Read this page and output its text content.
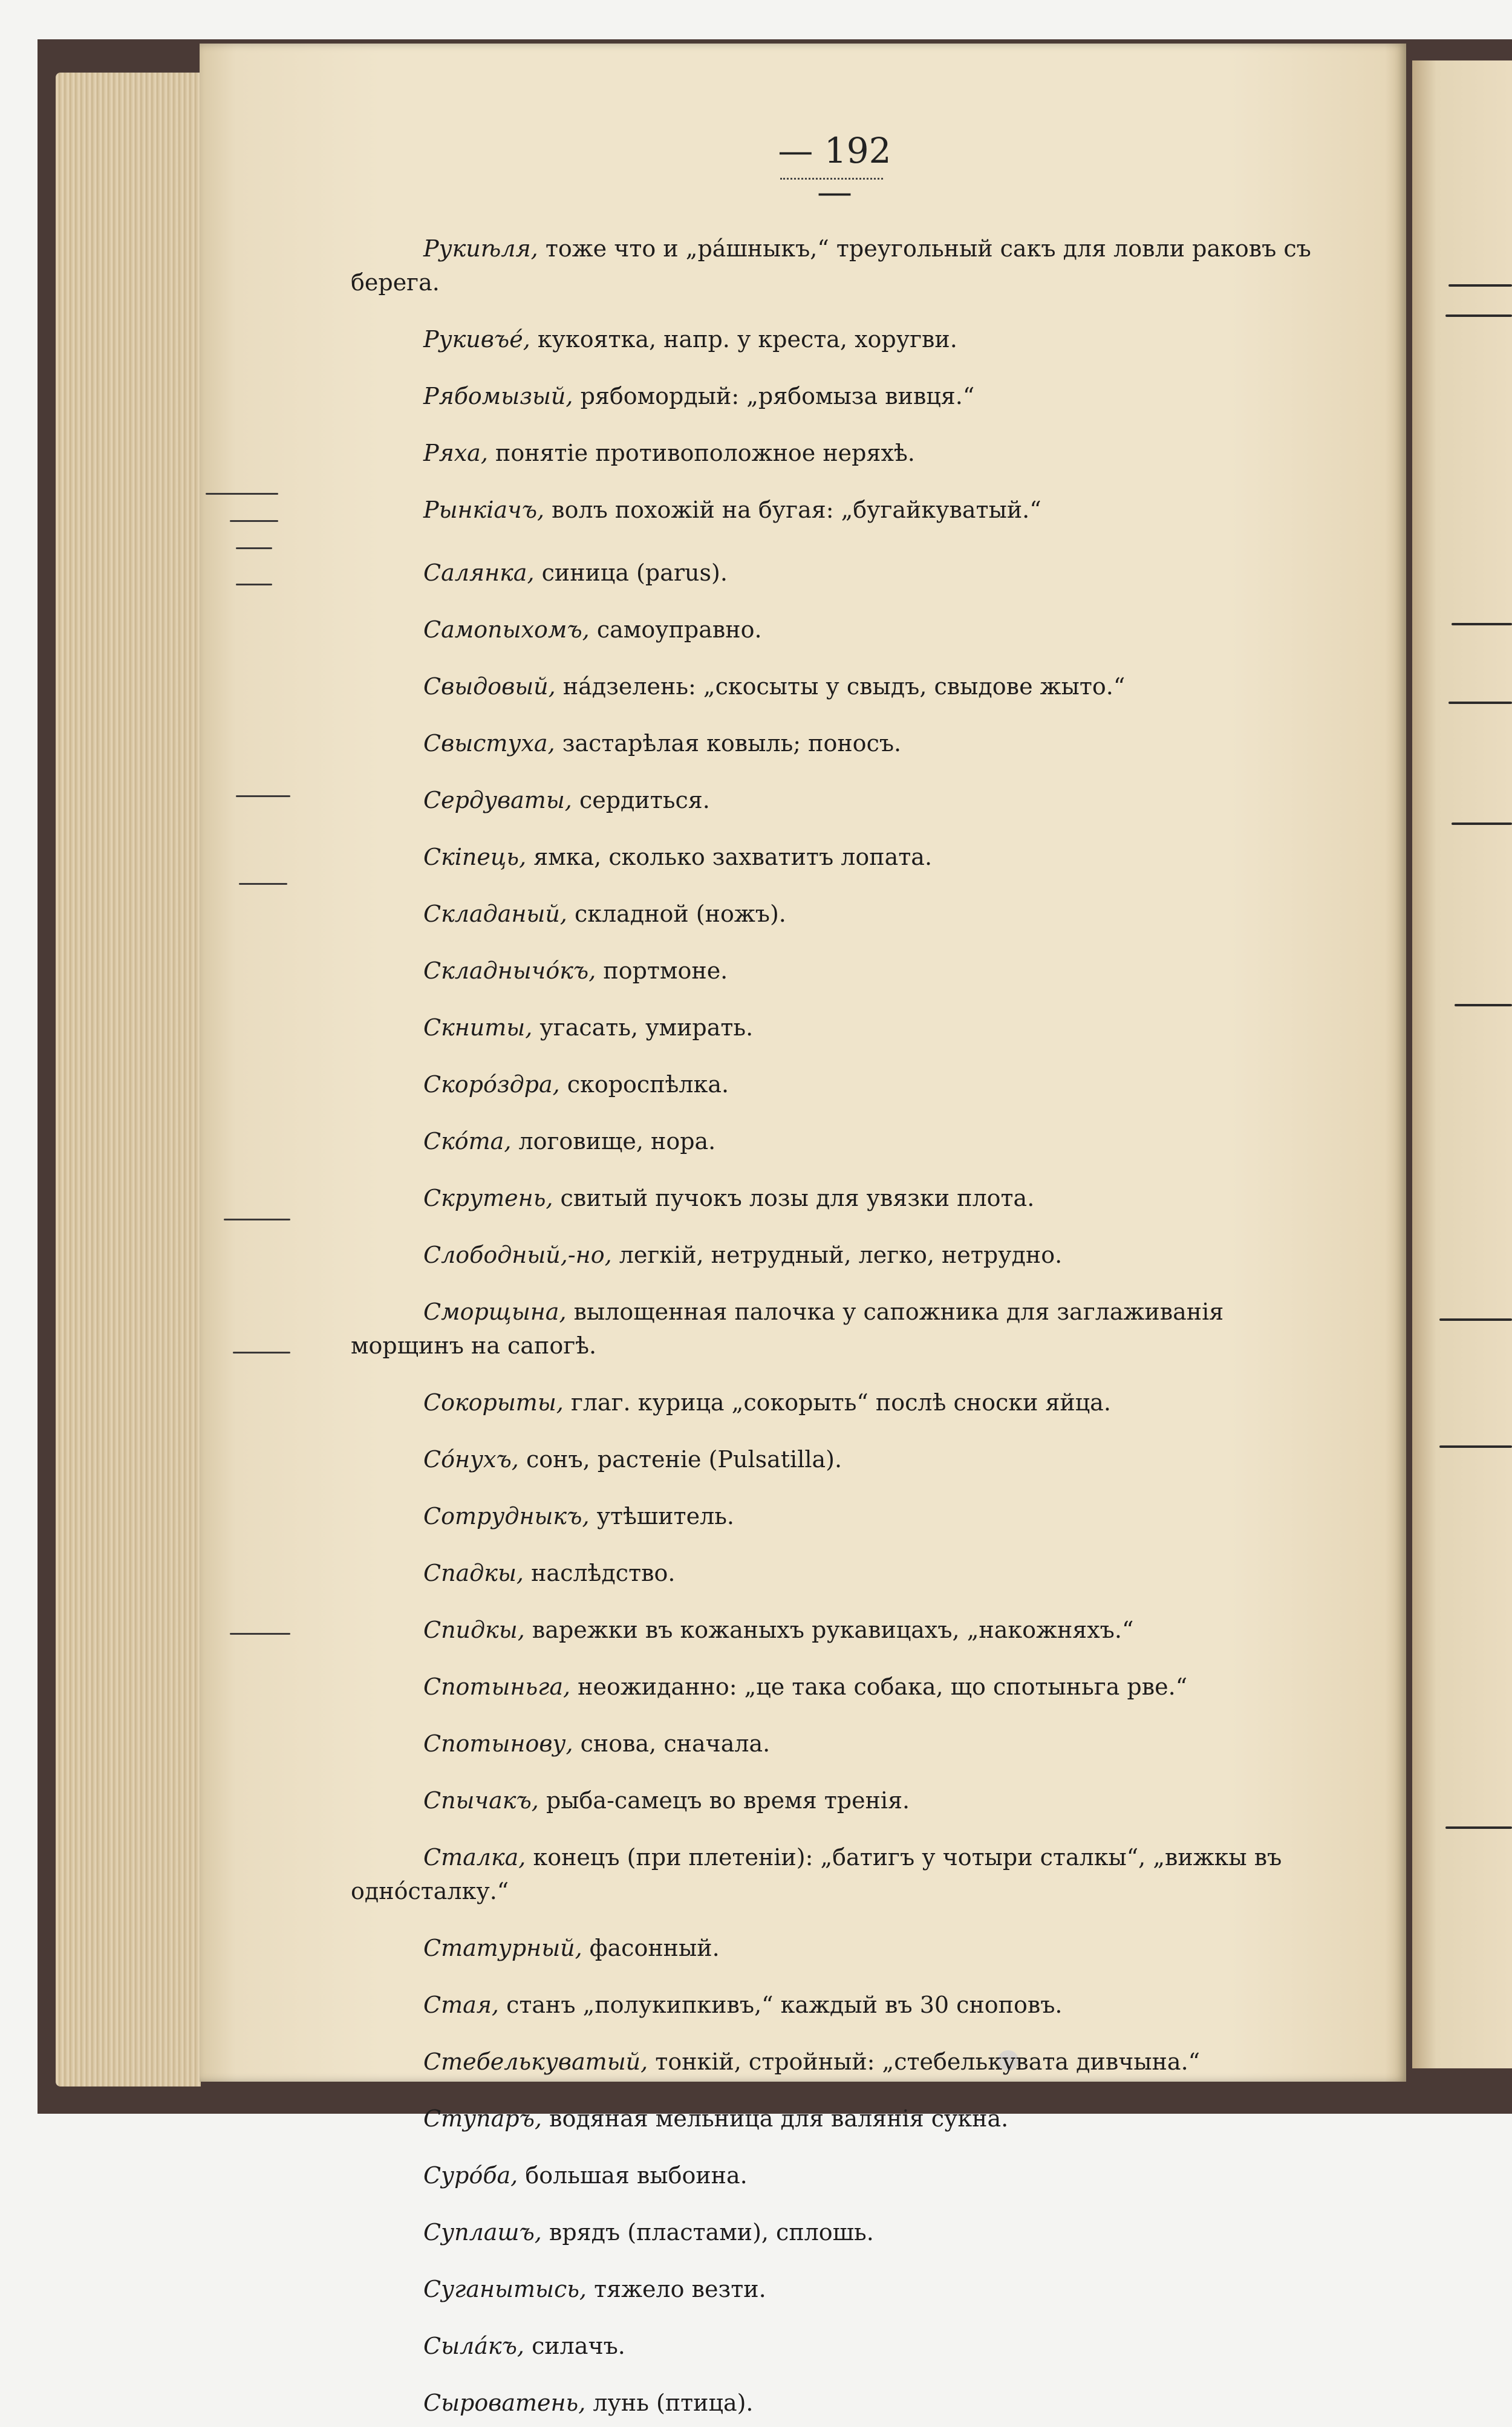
— 192 —

Рукиѣля, тоже что и „ра́шныкъ,“ треугольный сакъ для ловли раковъ съ берега.

Рукивъе́, кукоятка, напр. у креста, хоругви.

Рябомызый, рябомордый: „рябомыза вивця.“

Ряха, понятіе противоположное неряхѣ.

Рынкіачъ, волъ похожій на бугая: „бугайкуватый.“

Салянка, синица (parus).

Самопыхомъ, самоуправно.

Свыдовый, на́дзелень: „скосыты у свыдъ, свыдове жыто.“

Свыстуха, застарѣлая ковыль; поносъ.

Сердуваты, сердиться.

Скіпець, ямка, сколько захватитъ лопата.

Складаный, складной (ножъ).

Складнычо́къ, портмоне.

Скниты, угасать, умирать.

Скоро́здра, скороспѣлка.

Ско́та, логовище, нора.

Скрутень, свитый пучокъ лозы для увязки плота.

Слободный,-но, легкій, нетрудный, легко, нетрудно.

Сморщына, вылощенная палочка у сапожника для заглаживанія морщинъ на сапогѣ.

Сокорыты, глаг. курица „сокорыть“ послѣ сноски яйца.

Со́нухъ, сонъ, растеніе (Pulsatilla).

Сотрудныкъ, утѣшитель.

Спадкы, наслѣдство.

Спидкы, варежки въ кожаныхъ рукавицахъ, „накожняхъ.“

Спотыньга, неожиданно: „це така собака, що спотыньга рве.“

Спотынову, снова, сначала.

Спычакъ, рыба-самецъ во время тренія.

Сталка, конецъ (при плетеніи): „батигъ у чотыри сталкы“, „вижкы въ одно́сталку.“

Статурный, фасонный.

Стая, станъ „полукипкивъ,“ каждый въ 30 сноповъ.

Стебелькуватый, тонкій, стройный: „стебелькувата дивчына.“

Ступаръ, водяная мельница для валянія сукна.

Суро́ба, большая выбоина.

Суплашъ, врядъ (пластами), сплошь.

Суганытысь, тяжело везти.

Сыла́къ, силачъ.

Сыроватень, лунь (птица).
